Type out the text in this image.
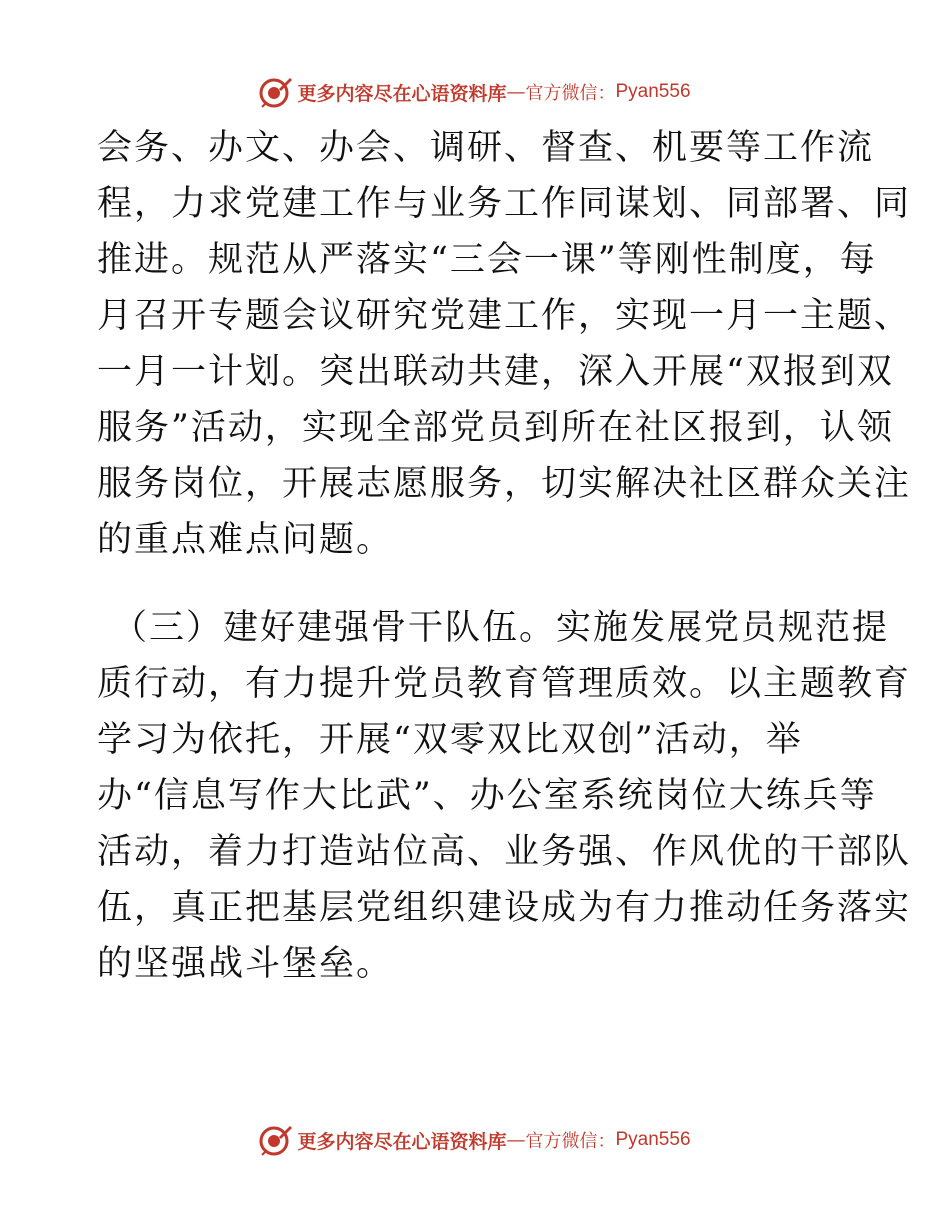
更多内容尽在心语资料库 — 官方微信： Pyan556
会务、办文、办会、调研、督查、机要等工作流
程，力求党建工作与业务工作同谋划、同部署、同
推进。规范从严落实“三会一课”等刚性制度，每
月召开专题会议研究党建工作，实现一月一主题、
一月一计划。突出联动共建，深入开展“双报到双
服务”活动，实现全部党员到所在社区报到，认领
服务岗位，开展志愿服务，切实解决社区群众关注
的重点难点问题。
（三）建好建强骨干队伍。实施发展党员规范提
质行动，有力提升党员教育管理质效。以主题教育
学习为依托，开展“双零双比双创”活动，举
办“信息写作大比武”、办公室系统岗位大练兵等
活动，着力打造站位高、业务强、作风优的干部队
伍，真正把基层党组织建设成为有力推动任务落实
的坚强战斗堡垒。
更多内容尽在心语资料库 — 官方微信： Pyan556
